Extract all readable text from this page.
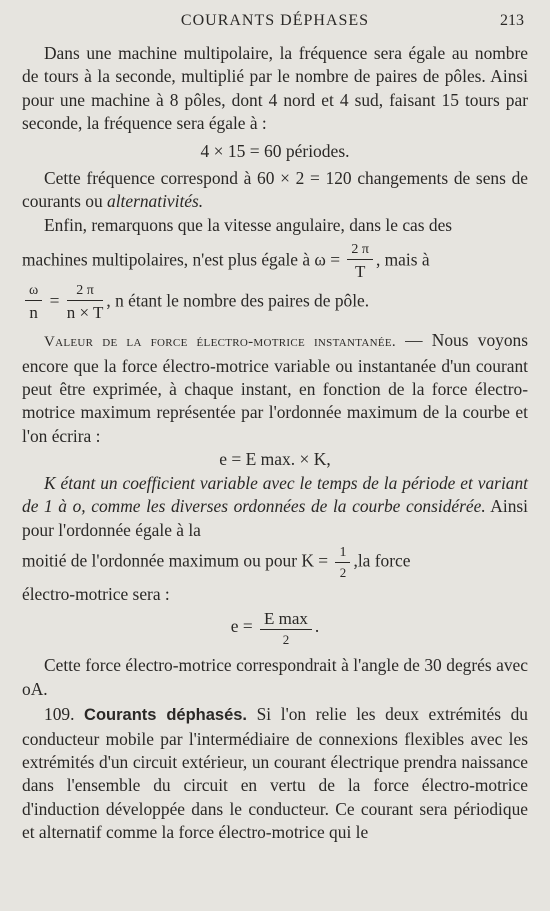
COURANTS DÉPHASES	213

Dans une machine multipolaire, la fréquence sera égale au nombre de tours à la seconde, multiplié par le nombre de paires de pôles. Ainsi pour une machine à 8 pôles, dont 4 nord et 4 sud, faisant 15 tours par seconde, la fréquence sera égale à :

4 × 15 = 60 périodes.

Cette fréquence correspond à 60 × 2 = 120 changements de sens de courants ou alternativités.

Enfin, remarquons que la vitesse angulaire, dans le cas des

machines multipolaires, n'est plus égale à $\omega = \frac{2 \pi}{T}$ , mais à

$\frac{\omega}{n} = \frac{2 \pi}{n \times T}$ , n étant le nombre des paires de pôle.

Valeur de la force électro-motrice instantanée. — Nous voyons encore que la force électro-motrice variable ou instantanée d'un courant peut être exprimée, à chaque instant, en fonction de la force électro-motrice maximum représentée par l'ordonnée maximum de la courbe et l'on écrira :

e = E max. × K,

K étant un coefficient variable avec le temps de la période et variant de 1 à o, comme les diverses ordonnées de la courbe considérée. Ainsi pour l'ordonnée égale à la

moitié de l'ordonnée maximum ou pour $K = \frac{1}{2} ,la$ force

électro-motrice sera :

$e = \frac{\text{E max}}{2}$ .

Cette force électro-motrice correspondrait à l'angle de 30 degrés avec oA.

109. Courants déphasés. Si l'on relie les deux extrémités du conducteur mobile par l'intermédiaire de connexions flexibles avec les extrémités d'un circuit extérieur, un courant électrique prendra naissance dans l'ensemble du circuit en vertu de la force électro-motrice d'induction développée dans le conducteur. Ce courant sera périodique et alternatif comme la force électro-motrice qui le
